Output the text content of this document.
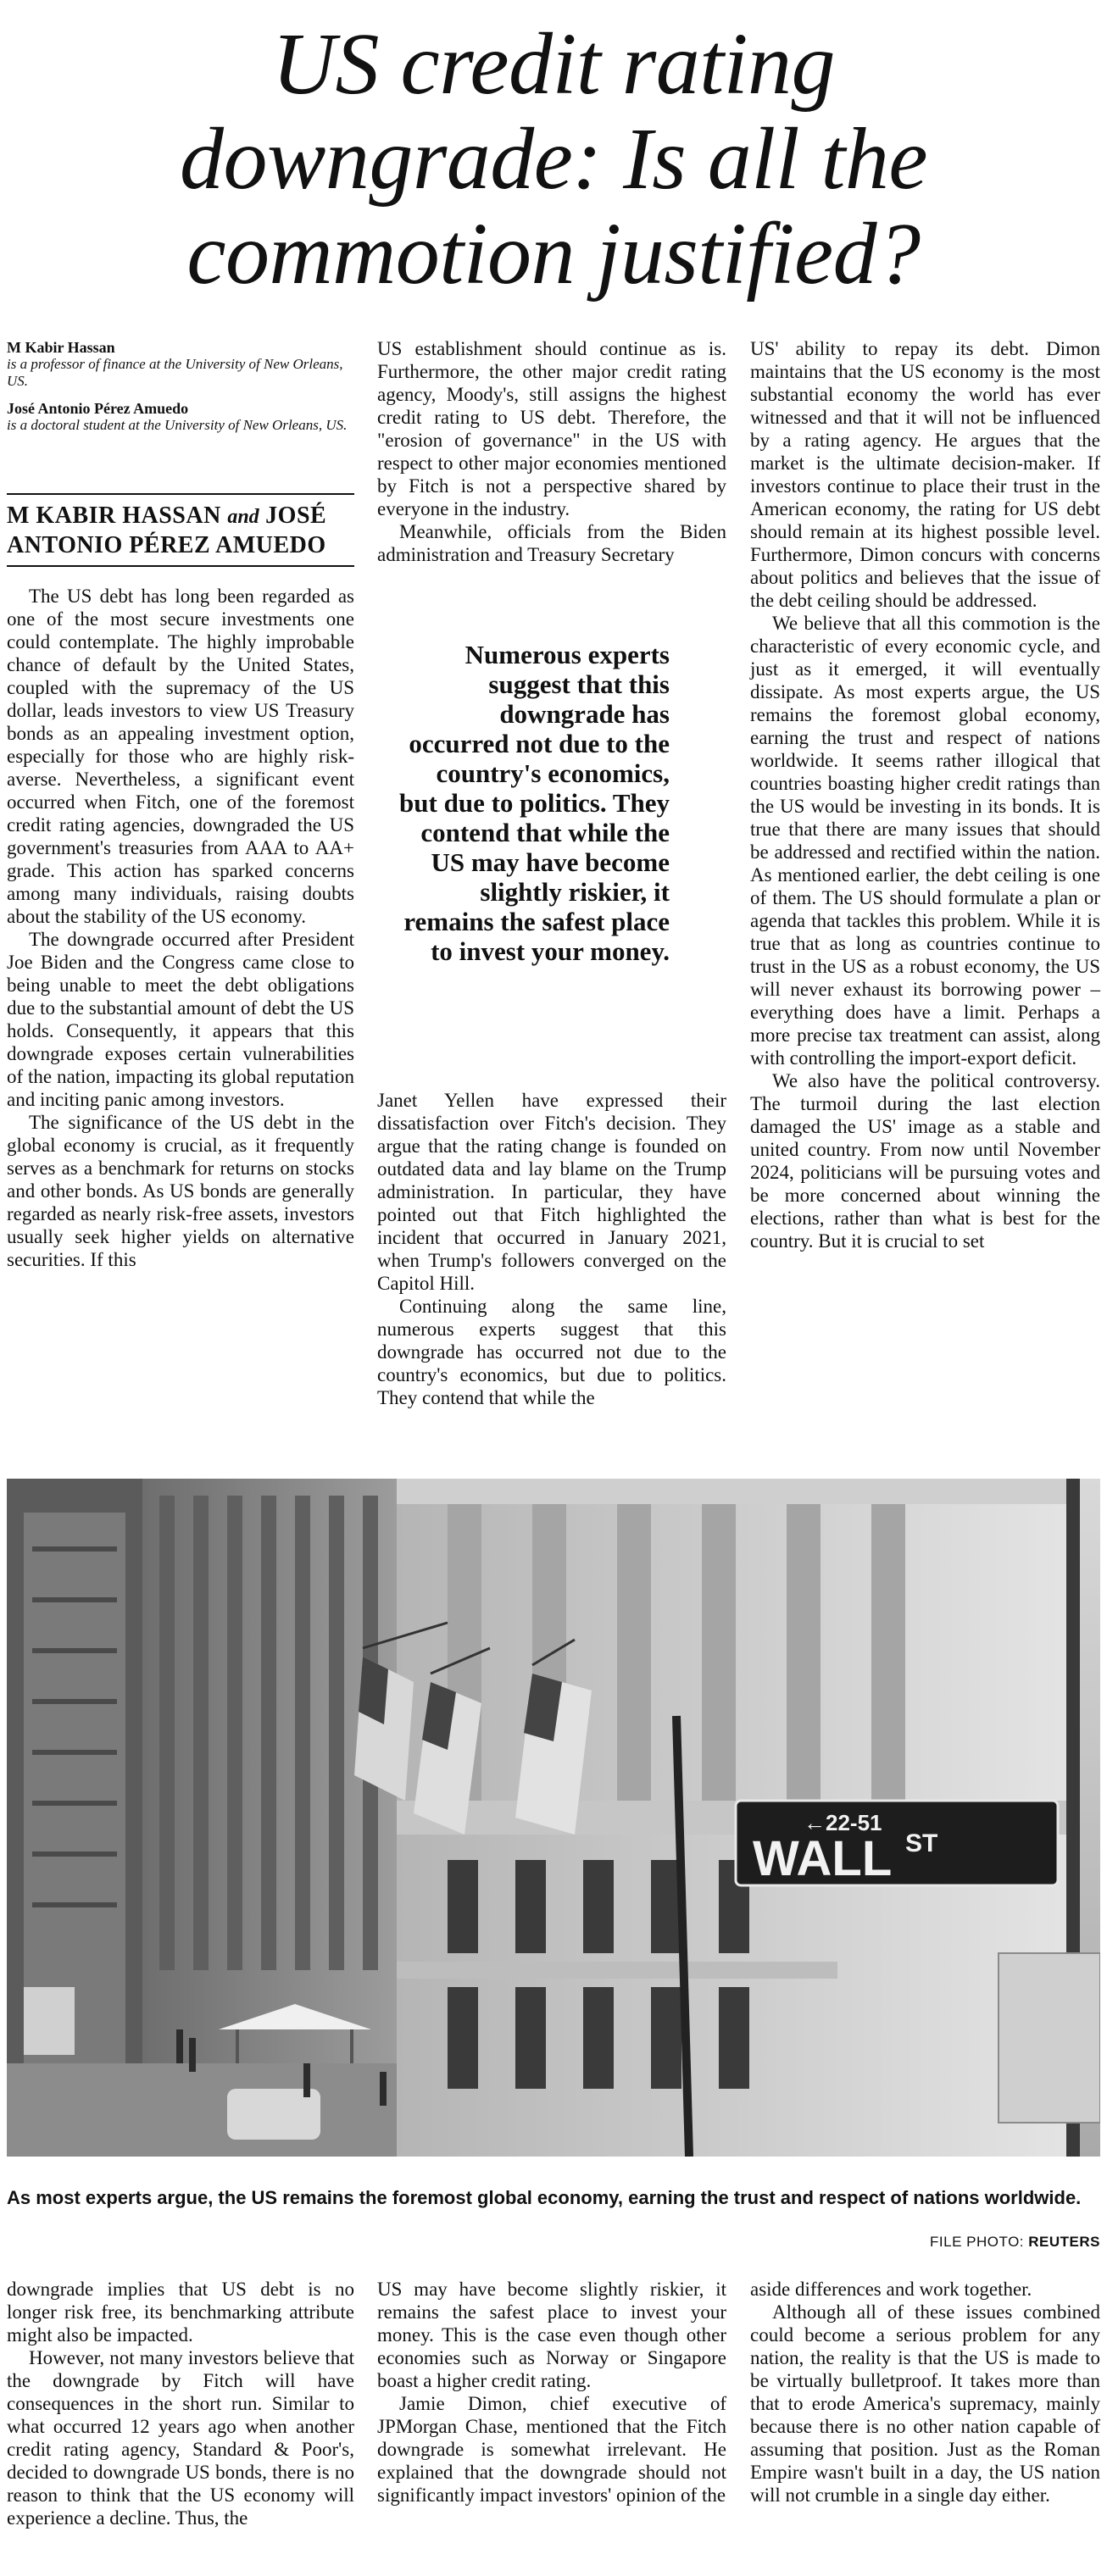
US credit rating
downgrade: Is all the
commotion justified?
M Kabir Hassan
is a professor of finance at the University of New Orleans, US.
José Antonio Pérez Amuedo
is a doctoral student at the University of New Orleans, US.
M KABIR HASSAN and JOSÉ
ANTONIO PÉREZ AMUEDO

The US debt has long been regarded as one of the most secure investments one could contemplate. The highly improbable chance of default by the United States, coupled with the supremacy of the US dollar, leads investors to view US Treasury bonds as an appealing investment option, especially for those who are highly risk-averse. Nevertheless, a significant event occurred when Fitch, one of the foremost credit rating agencies, downgraded the US government's treasuries from AAA to AA+ grade. This action has sparked concerns among many individuals, raising doubts about the stability of the US economy.

The downgrade occurred after President Joe Biden and the Congress came close to being unable to meet the debt obligations due to the substantial amount of debt the US holds. Consequently, it appears that this downgrade exposes certain vulnerabilities of the nation, impacting its global reputation and inciting panic among investors.

The significance of the US debt in the global economy is crucial, as it frequently serves as a benchmark for returns on stocks and other bonds. As US bonds are generally regarded as nearly risk-free assets, investors usually seek higher yields on alternative securities. If this

US establishment should continue as is. Furthermore, the other major credit rating agency, Moody's, still assigns the highest credit rating to US debt. Therefore, the "erosion of governance" in the US with respect to other major economies mentioned by Fitch is not a perspective shared by everyone in the industry.

Meanwhile, officials from the Biden administration and Treasury Secretary

Numerous experts suggest that this downgrade has occurred not due to the country's economics, but due to politics. They contend that while the US may have become slightly riskier, it remains the safest place to invest your money.

Janet Yellen have expressed their dissatisfaction over Fitch's decision. They argue that the rating change is founded on outdated data and lay blame on the Trump administration. In particular, they have pointed out that Fitch highlighted the incident that occurred in January 2021, when Trump's followers converged on the Capitol Hill.

Continuing along the same line, numerous experts suggest that this downgrade has occurred not due to the country's economics, but due to politics. They contend that while the

US' ability to repay its debt. Dimon maintains that the US economy is the most substantial economy the world has ever witnessed and that it will not be influenced by a rating agency. He argues that the market is the ultimate decision-maker. If investors continue to place their trust in the American economy, the rating for US debt should remain at its highest possible level. Furthermore, Dimon concurs with concerns about politics and believes that the issue of the debt ceiling should be addressed.

We believe that all this commotion is the characteristic of every economic cycle, and just as it emerged, it will eventually dissipate. As most experts argue, the US remains the foremost global economy, earning the trust and respect of nations worldwide. It seems rather illogical that countries boasting higher credit ratings than the US would be investing in its bonds. It is true that there are many issues that should be addressed and rectified within the nation. As mentioned earlier, the debt ceiling is one of them. The US should formulate a plan or agenda that tackles this problem. While it is true that as long as countries continue to trust in the US as a robust economy, the US will never exhaust its borrowing power – everything does have a limit. Perhaps a more precise tax treatment can assist, along with controlling the import-export deficit.

We also have the political controversy. The turmoil during the last election damaged the US' image as a stable and united country. From now until November 2024, politicians will be pursuing votes and be more concerned about winning the elections, rather than what is best for the country. But it is crucial to set

←22-51
WALL ST
As most experts argue, the US remains the foremost global economy, earning the trust and respect of nations worldwide.
FILE PHOTO: REUTERS

downgrade implies that US debt is no longer risk free, its benchmarking attribute might also be impacted.

However, not many investors believe that the downgrade by Fitch will have consequences in the short run. Similar to what occurred 12 years ago when another credit rating agency, Standard & Poor's, decided to downgrade US bonds, there is no reason to think that the US economy will experience a decline. Thus, the

US may have become slightly riskier, it remains the safest place to invest your money. This is the case even though other economies such as Norway or Singapore boast a higher credit rating.

Jamie Dimon, chief executive of JPMorgan Chase, mentioned that the Fitch downgrade is somewhat irrelevant. He explained that the downgrade should not significantly impact investors' opinion of the

aside differences and work together.

Although all of these issues combined could become a serious problem for any nation, the reality is that the US is made to be virtually bulletproof. It takes more than that to erode America's supremacy, mainly because there is no other nation capable of assuming that position. Just as the Roman Empire wasn't built in a day, the US nation will not crumble in a single day either.
